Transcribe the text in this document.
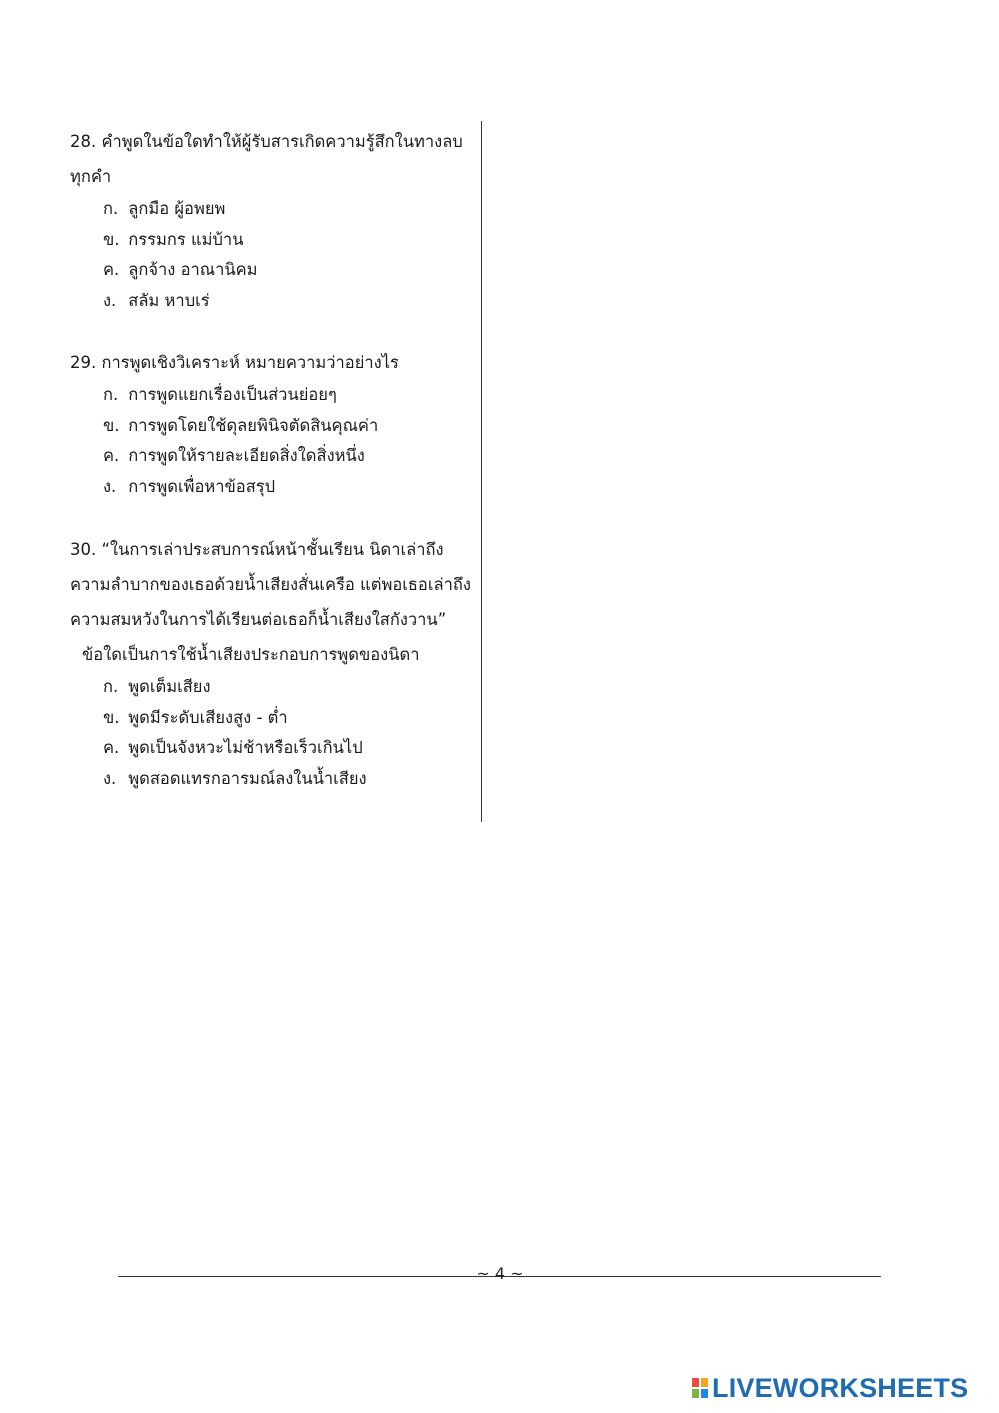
28. คำพูดในข้อใดทำให้ผู้รับสารเกิดความรู้สึกในทางลบ
ทุกคำ
ก. ลูกมือ ผู้อพยพ
ข. กรรมกร แม่บ้าน
ค. ลูกจ้าง อาณานิคม
ง. สลัม หาบเร่
29. การพูดเชิงวิเคราะห์ หมายความว่าอย่างไร
ก. การพูดแยกเรื่องเป็นส่วนย่อยๆ
ข. การพูดโดยใช้ดุลยพินิจตัดสินคุณค่า
ค. การพูดให้รายละเอียดสิ่งใดสิ่งหนึ่ง
ง. การพูดเพื่อหาข้อสรุป
30. “ในการเล่าประสบการณ์หน้าชั้นเรียน นิดาเล่าถึง
ความลำบากของเธอด้วยน้ำเสียงสั่นเครือ แต่พอเธอเล่าถึง
ความสมหวังในการได้เรียนต่อเธอก็น้ำเสียงใสกังวาน”
ข้อใดเป็นการใช้น้ำเสียงประกอบการพูดของนิดา
ก. พูดเต็มเสียง
ข. พูดมีระดับเสียงสูง - ต่ำ
ค. พูดเป็นจังหวะไม่ช้าหรือเร็วเกินไป
ง. พูดสอดแทรกอารมณ์ลงในน้ำเสียง
~ 4 ~
LIVEWORKSHEETS
